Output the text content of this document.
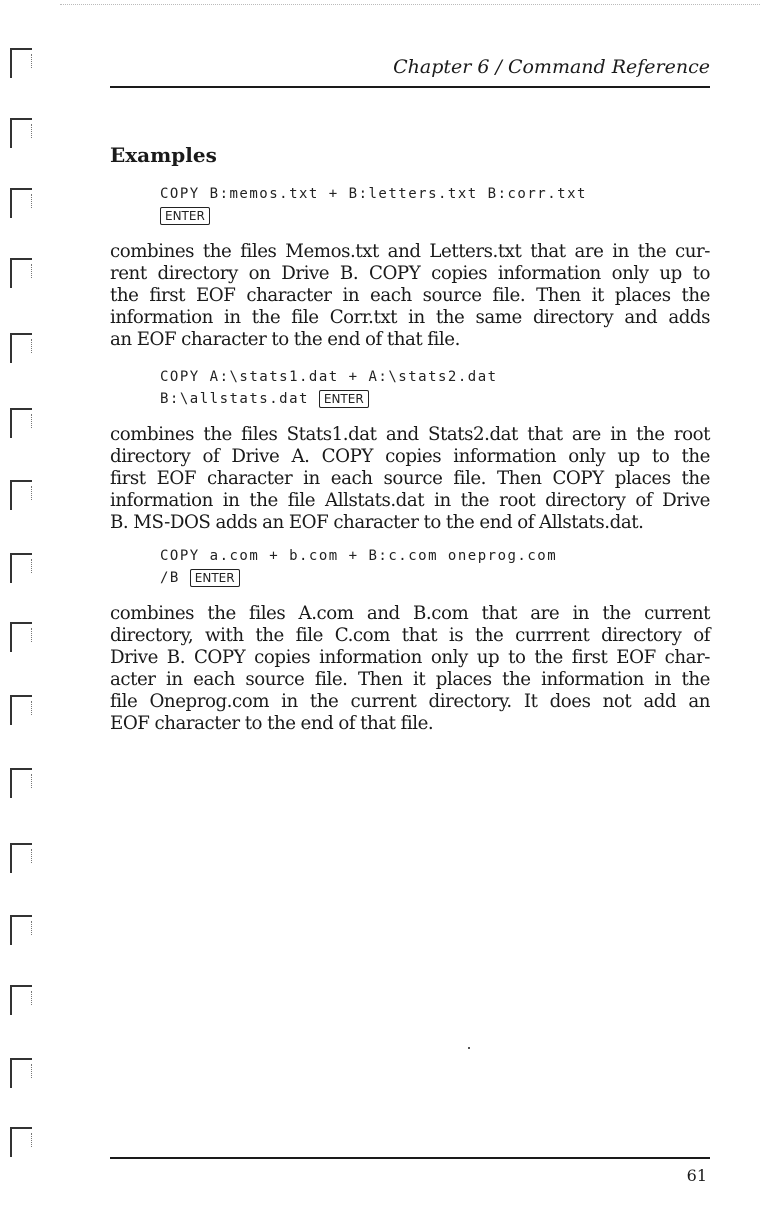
Chapter 6 / Command Reference
Examples
COPY B:memos.txt + B:letters.txt B:corr.txt
ENTER

combines the files Memos.txt and Letters.txt that are in the cur-
rent directory on Drive B. COPY copies information only up to
the first EOF character in each source file. Then it places the
information in the file Corr.txt in the same directory and adds
an EOF character to the end of that file.

COPY A:\stats1.dat + A:\stats2.dat
B:\allstats.dat ENTER

combines the files Stats1.dat and Stats2.dat that are in the root
directory of Drive A. COPY copies information only up to the
first EOF character in each source file. Then COPY places the
information in the file Allstats.dat in the root directory of Drive
B. MS-DOS adds an EOF character to the end of Allstats.dat.

COPY a.com + b.com + B:c.com oneprog.com
/B ENTER

combines the files A.com and B.com that are in the current
directory, with the file C.com that is the currrent directory of
Drive B. COPY copies information only up to the first EOF char-
acter in each source file. Then it places the information in the
file Oneprog.com in the current directory. It does not add an
EOF character to the end of that file.

61
